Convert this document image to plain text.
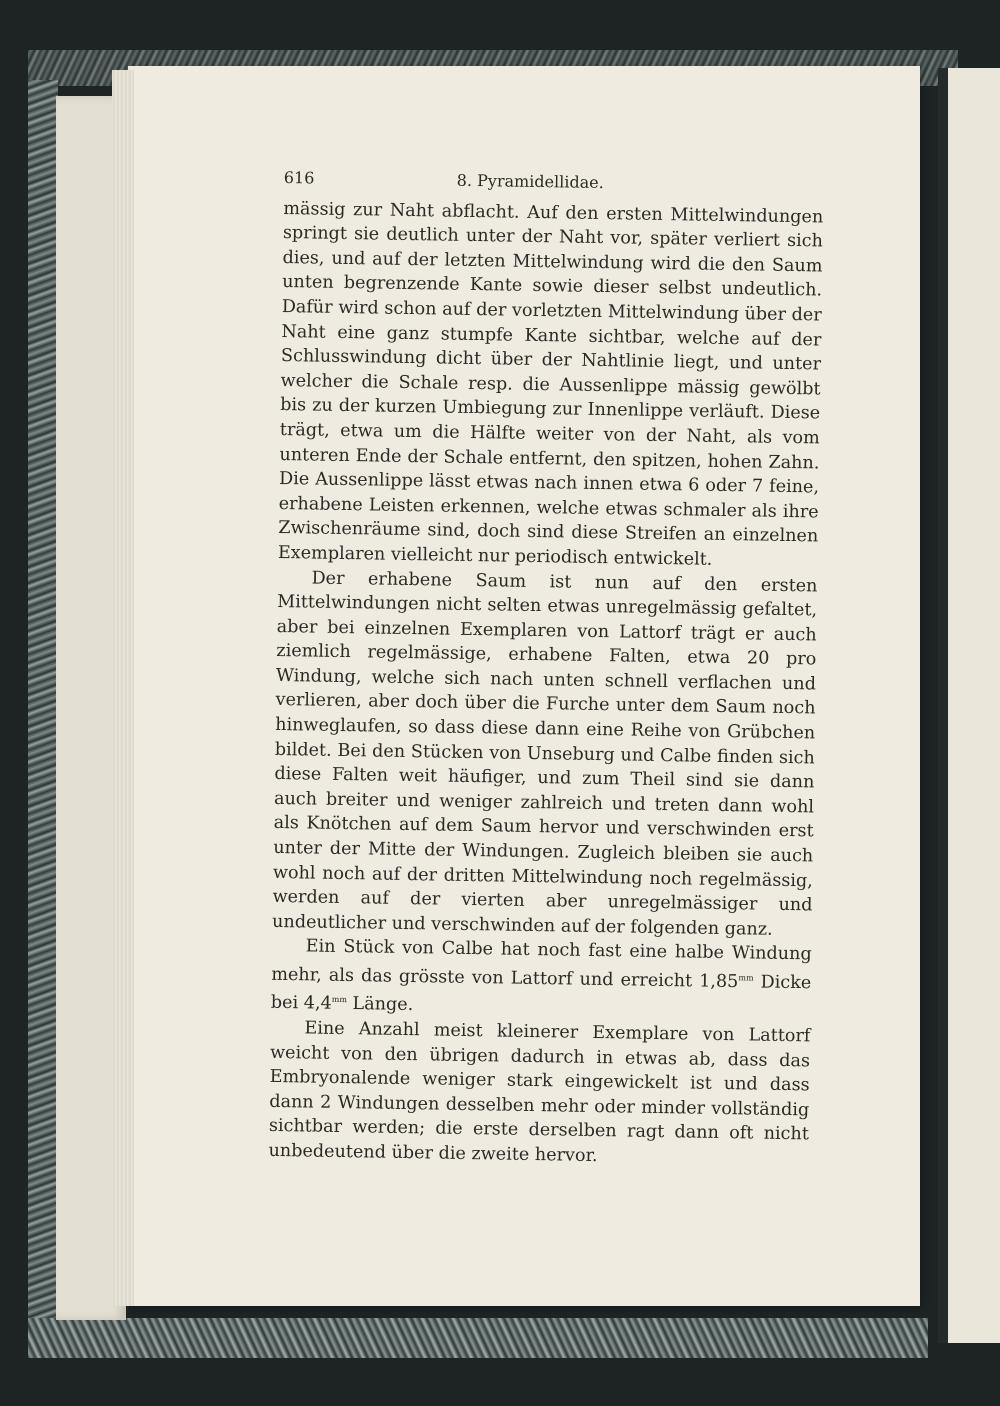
616	8. Pyramidellidae.

mässig zur Naht abflacht. Auf den ersten Mittelwindungen springt sie deutlich unter der Naht vor, später verliert sich dies, und auf der letzten Mittelwindung wird die den Saum unten begrenzende Kante sowie dieser selbst undeutlich. Dafür wird schon auf der vorletzten Mittelwindung über der Naht eine ganz stumpfe Kante sichtbar, welche auf der Schlusswindung dicht über der Nahtlinie liegt, und unter welcher die Schale resp. die Aussenlippe mässig gewölbt bis zu der kurzen Umbiegung zur Innenlippe verläuft. Diese trägt, etwa um die Hälfte weiter von der Naht, als vom unteren Ende der Schale entfernt, den spitzen, hohen Zahn. Die Aussenlippe lässt etwas nach innen etwa 6 oder 7 feine, erhabene Leisten erkennen, welche etwas schmaler als ihre Zwischenräume sind, doch sind diese Streifen an einzelnen Exemplaren vielleicht nur periodisch entwickelt.

Der erhabene Saum ist nun auf den ersten Mittelwindungen nicht selten etwas unregelmässig gefaltet, aber bei einzelnen Exemplaren von Lattorf trägt er auch ziemlich regelmässige, erhabene Falten, etwa 20 pro Windung, welche sich nach unten schnell verflachen und verlieren, aber doch über die Furche unter dem Saum noch hinweglaufen, so dass diese dann eine Reihe von Grübchen bildet. Bei den Stücken von Unseburg und Calbe finden sich diese Falten weit häufiger, und zum Theil sind sie dann auch breiter und weniger zahlreich und treten dann wohl als Knötchen auf dem Saum hervor und verschwinden erst unter der Mitte der Windungen. Zugleich bleiben sie auch wohl noch auf der dritten Mittelwindung noch regelmässig, werden auf der vierten aber unregelmässiger und undeutlicher und verschwinden auf der folgenden ganz.

Ein Stück von Calbe hat noch fast eine halbe Windung mehr, als das grösste von Lattorf und erreicht $1,85^{mm}$ Dicke bei $4,4^{mm}$ Länge.

Eine Anzahl meist kleinerer Exemplare von Lattorf weicht von den übrigen dadurch in etwas ab, dass das Embryonalende weniger stark eingewickelt ist und dass dann 2 Windungen desselben mehr oder minder vollständig sichtbar werden; die erste derselben ragt dann oft nicht unbedeutend über die zweite hervor.
